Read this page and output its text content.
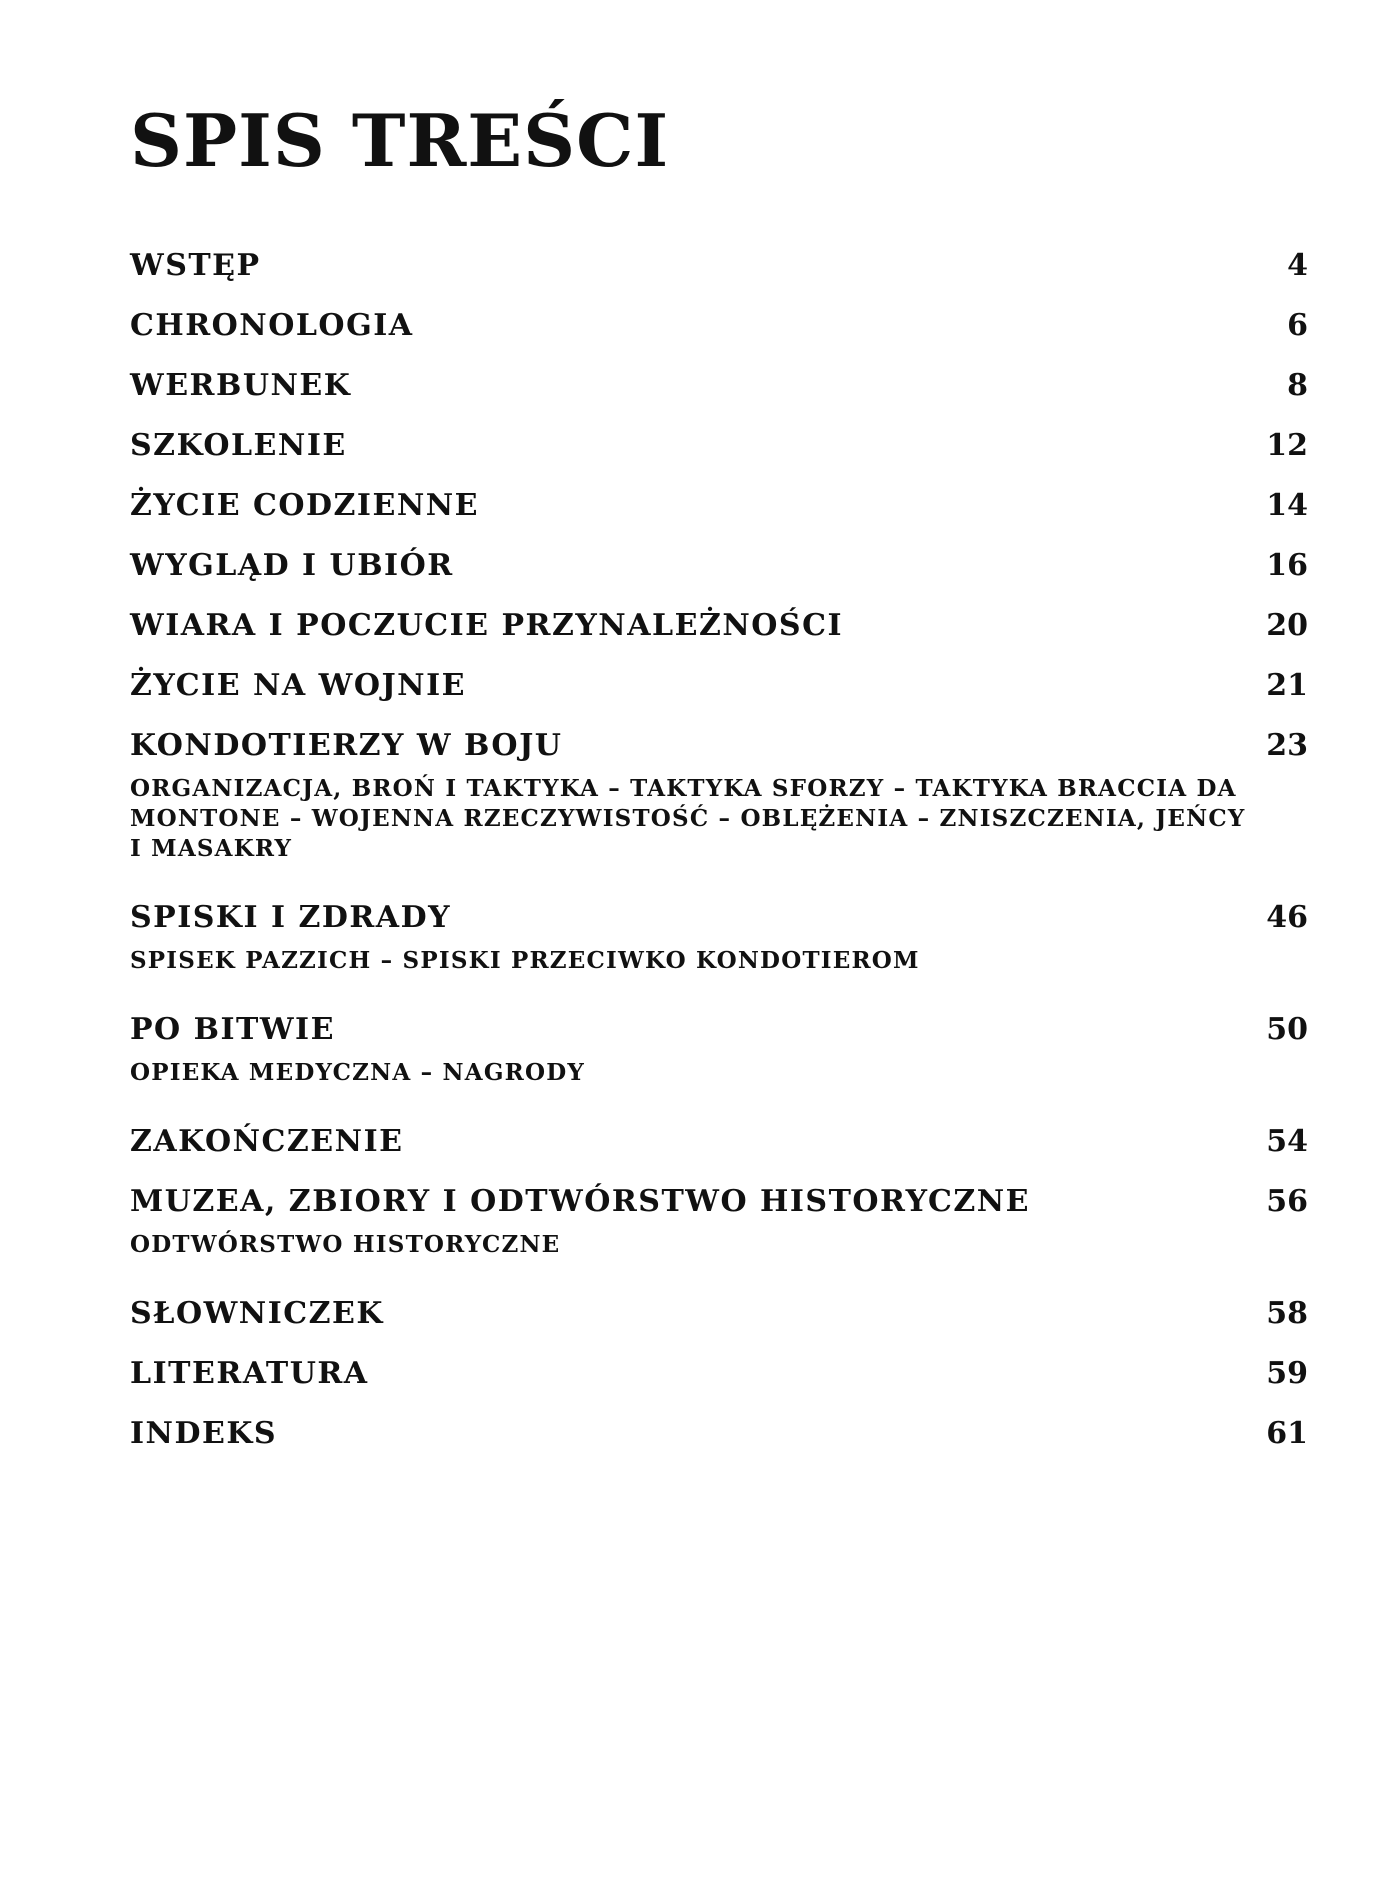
SPIS TREŚCI
WSTĘP	4
CHRONOLOGIA	6
WERBUNEK	8
SZKOLENIE	12
ŻYCIE CODZIENNE	14
WYGLĄD I UBIÓR	16
WIARA I POCZUCIE PRZYNALEŻNOŚCI	20
ŻYCIE NA WOJNIE	21
KONDOTIERZY W BOJU	23

ORGANIZACJA, BROŃ I TAKTYKA – TAKTYKA SFORZY – TAKTYKA BRACCIA DA MONTONE – WOJENNA RZECZYWISTOŚĆ – OBLĘŻENIA – ZNISZCZENIA, JEŃCY I MASAKRY

SPISKI I ZDRADY	46

SPISEK PAZZICH – SPISKI PRZECIWKO KONDOTIEROM

PO BITWIE	50

OPIEKA MEDYCZNA – NAGRODY

ZAKOŃCZENIE	54
MUZEA, ZBIORY I ODTWÓRSTWO HISTORYCZNE	56

ODTWÓRSTWO HISTORYCZNE

SŁOWNICZEK	58
LITERATURA	59
INDEKS	61
